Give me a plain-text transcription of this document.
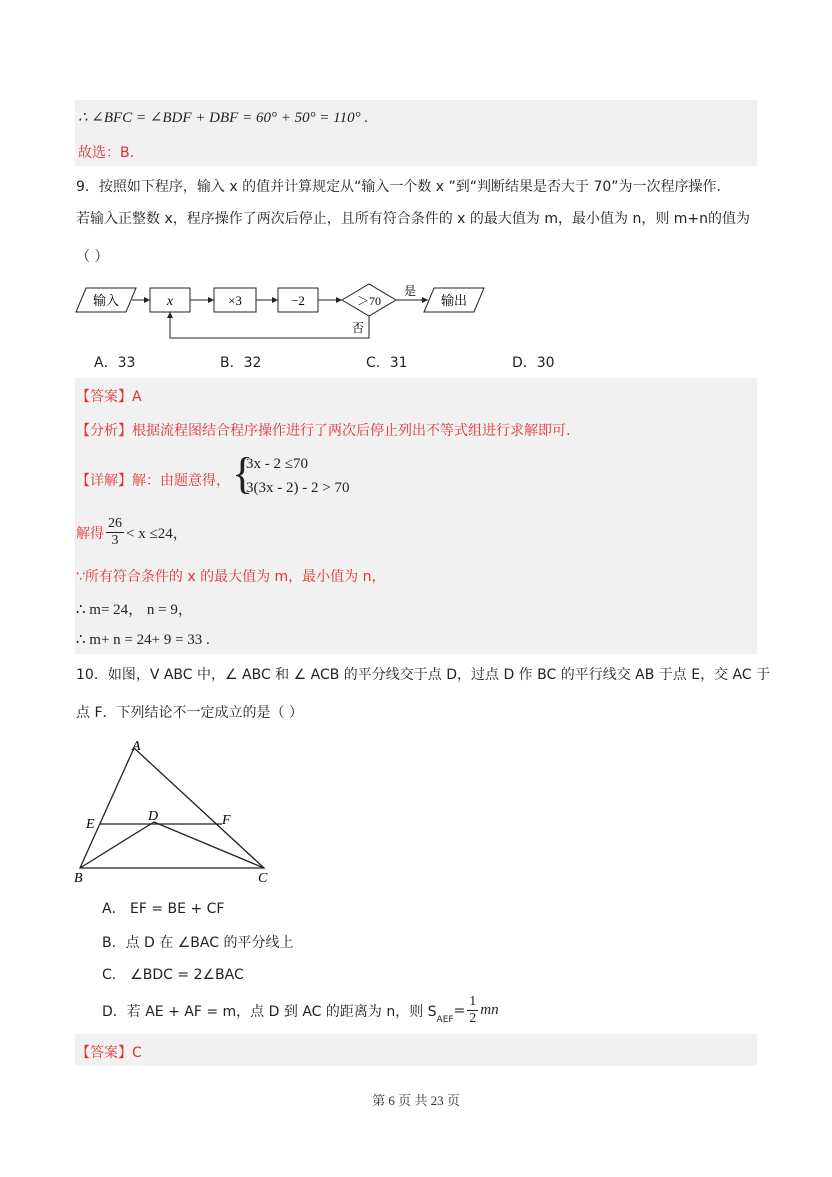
∴ ∠BFC = ∠BDF + DBF = 60° + 50° = 110° .
故选：B.
9．按照如下程序，输入 x 的值并计算规定从“输入一个数 x ”到“判断结果是否大于 70”为一次程序操作.
若输入正整数 x，程序操作了两次后停止，且所有符合条件的 x 的最大值为 m，最小值为 n，则 m+n的值为
（ ）
输入	x	×3	−2	＞70
是
输出
否
A．33	B．32	C．31	D．30
【答案】A
【分析】根据流程图结合程序操作进行了两次后停止列出不等式组进行求解即可.
【详解】解：由题意得， {
3x - 2 ≤70
3(3x - 2) - 2 > 70
解得 $\frac{26}{3} < x \le 24$，
∵所有符合条件的 x 的最大值为 m，最小值为 n，
∴ m= 24， n = 9，
∴ m+ n = 24+ 9 = 33 .
10．如图，V ABC 中，∠ ABC 和 ∠ ACB 的平分线交于点 D，过点 D 作 BC 的平行线交 AB 于点 E，交 AC 于
点 F．下列结论不一定成立的是（ ）
A
B	C
D
E	F
A． EF = BE + CF
B．点 D 在 ∠BAC 的平分线上
C． ∠BDC = 2∠BAC
D．若 AE + AF = m，点 D 到 AC 的距离为 n，则 S
AEF
= $\frac{1}{2}$ mn
【答案】C
第 6 页 共 23 页
